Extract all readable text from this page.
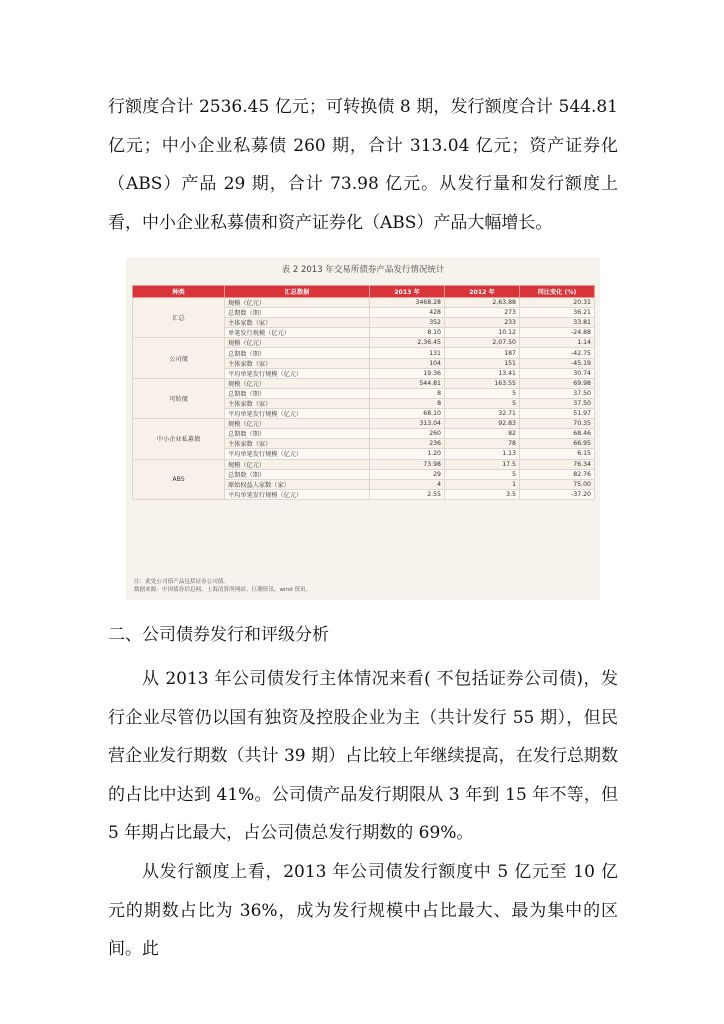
行额度合计 2536.45 亿元；可转换债 8 期，发行额度合计 544.81 亿元；中小企业私募债 260 期，合计 313.04 亿元；资产证券化（ABS）产品 29 期，合计 73.98 亿元。从发行量和发行额度上看，中小企业私募债和资产证券化（ABS）产品大幅增长。
表 2 2013 年交易所债券产品发行情况统计
种类	汇总数据	2013 年	2012 年	同比变化 (%)
汇总	规模（亿元）	3468.28	2,63.88	20.31
	总期数（期）	428	273	36.21
	主体家数（家）	352	233	33.81
	单笔发行规模（亿元）	8.10	10.12	-24.88
公司债	规模（亿元）	2,36.45	2,07.50	1.14
	总期数（期）	131	187	-42.75
	主体家数（家）	104	151	-45.19
	平均单笔发行规模（亿元）	19.36	13.41	30.74
可转债	规模（亿元）	544.81	163.55	69.98
	总期数（期）	8	5	37.50
	主体家数（家）	8	5	37.50
	平均单笔发行规模（亿元）	68.10	32.71	51.97
中小企业私募债	规模（亿元）	313.04	92.83	70.35
	总期数（期）	260	82	68.46
	主体家数（家）	236	78	66.95
	平均单笔发行规模（亿元）	1.20	1.13	6.15
ABS	规模（亿元）	73.98	17.5	76.34
	总期数（期）	29	5	82.76
	原始权益人家数（家）	4	1	75.00
	平均单笔发行规模（亿元）	2.55	3.5	-37.20
注：此处公司债产品包括证券公司债。
数据来源：中国债券信息网、上海清算所网站、巨潮资讯、wind 资讯。
二、公司债券发行和评级分析
从 2013 年公司债发行主体情况来看( 不包括证券公司债)，发行企业尽管仍以国有独资及控股企业为主（共计发行 55 期），但民营企业发行期数（共计 39 期）占比较上年继续提高，在发行总期数的占比中达到 41%。公司债产品发行期限从 3 年到 15 年不等，但 5 年期占比最大，占公司债总发行期数的 69%。
从发行额度上看，2013 年公司债发行额度中 5 亿元至 10 亿元的期数占比为 36%，成为发行规模中占比最大、最为集中的区间。此
